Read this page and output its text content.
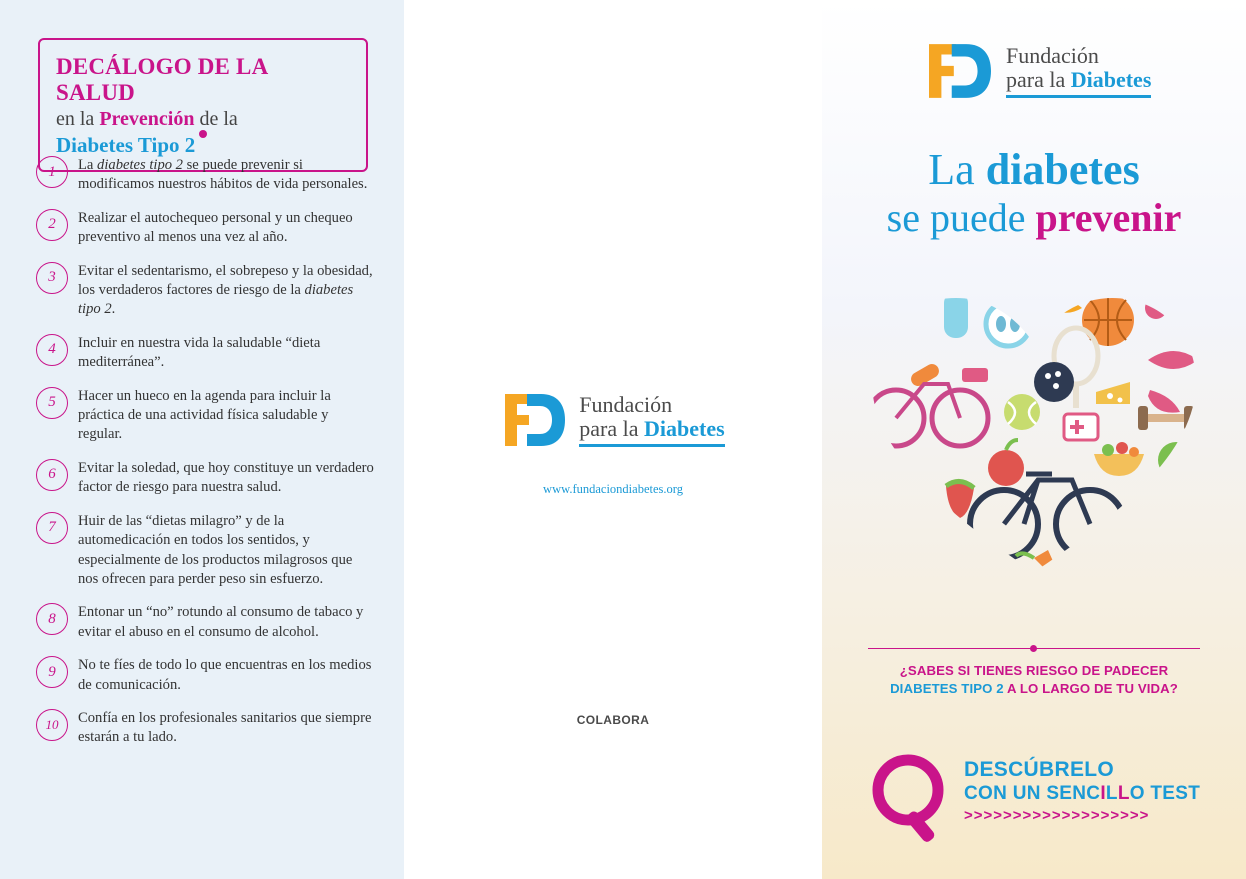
DECÁLOGO DE LA SALUD
en la Prevención de la
Diabetes Tipo 2
1	La diabetes tipo 2 se puede prevenir si modificamos nuestros hábitos de vida personales.
2	Realizar el autochequeo personal y un chequeo preventivo al menos una vez al año.
3	Evitar el sedentarismo, el sobrepeso y la obesidad, los verdaderos factores de riesgo de la diabetes tipo 2.
4	Incluir en nuestra vida la saludable “dieta mediterránea”.
5	Hacer un hueco en la agenda para incluir la práctica de una actividad física saludable y regular.
6	Evitar la soledad, que hoy constituye un verdadero factor de riesgo para nuestra salud.
7	Huir de las “dietas milagro” y de la automedicación en todos los sentidos, y especialmente de los productos milagrosos que nos ofrecen para perder peso sin esfuerzo.
8	Entonar un “no” rotundo al consumo de tabaco y evitar el abuso en el consumo de alcohol.
9	No te fíes de todo lo que encuentras en los medios de comunicación.
10	Confía en los profesionales sanitarios que siempre estarán a tu lado.
Fundación
para la Diabetes
www.fundaciondiabetes.org
COLABORA
Fundación
para la Diabetes
La diabetes
se puede prevenir
¿SABES SI TIENES RIESGO DE PADECER
DIABETES TIPO 2 A LO LARGO DE TU VIDA?
DESCÚBRELO
CON UN SENCILLO TEST
>>>>>>>>>>>>>>>>>>>
